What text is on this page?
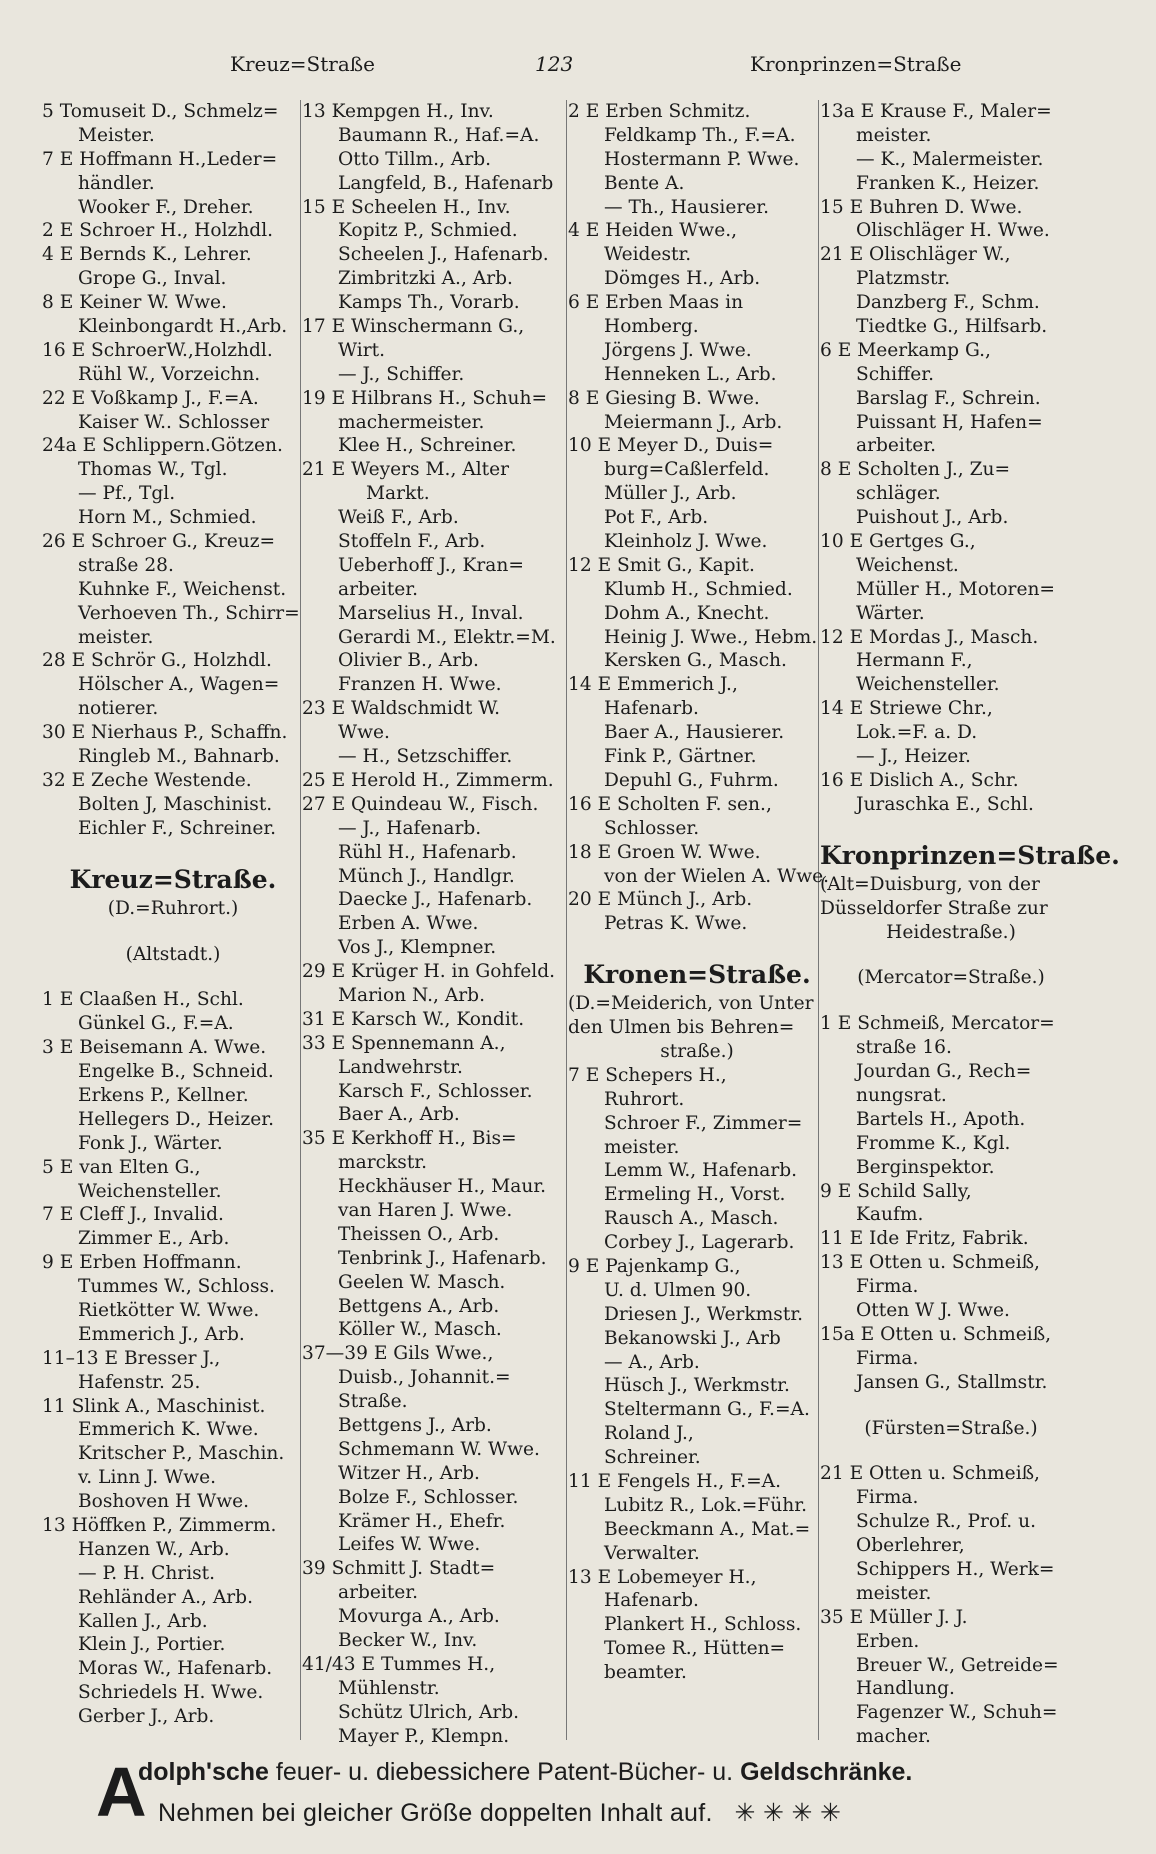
Kreuz=Straße	123	Kronprinzen=Straße
5 Tomuseit D., Schmelz=
Meister.
7 E Hoffmann H.,Leder=
händler.
Wooker F., Dreher.
2 E Schroer H., Holzhdl.
4 E Bernds K., Lehrer.
Grope G., Inval.
8 E Keiner W. Wwe.
Kleinbongardt H.,Arb.
16 E SchroerW.,Holzhdl.
Rühl W., Vorzeichn.
22 E Voßkamp J., F.=A.
Kaiser W.. Schlosser
24a E Schlippern.Götzen.
Thomas W., Tgl.
— Pf., Tgl.
Horn M., Schmied.
26 E Schroer G., Kreuz=
straße 28.
Kuhnke F., Weichenst.
Verhoeven Th., Schirr=
meister.
28 E Schrör G., Holzhdl.
Hölscher A., Wagen=
notierer.
30 E Nierhaus P., Schaffn.
Ringleb M., Bahnarb.
32 E Zeche Westende.
Bolten J, Maschinist.
Eichler F., Schreiner.
Kreuz=Straße.
(D.=Ruhrort.)
(Altstadt.)
1 E Claaßen H., Schl.
Günkel G., F.=A.
3 E Beisemann A. Wwe.
Engelke B., Schneid.
Erkens P., Kellner.
Hellegers D., Heizer.
Fonk J., Wärter.
5 E van Elten G.,
Weichensteller.
7 E Cleff J., Invalid.
Zimmer E., Arb.
9 E Erben Hoffmann.
Tummes W., Schloss.
Rietkötter W. Wwe.
Emmerich J., Arb.
11–13 E Bresser J.,
Hafenstr. 25.
11 Slink A., Maschinist.
Emmerich K. Wwe.
Kritscher P., Maschin.
v. Linn J. Wwe.
Boshoven H Wwe.
13 Höffken P., Zimmerm.
Hanzen W., Arb.
— P. H. Christ.
Rehländer A., Arb.
Kallen J., Arb.
Klein J., Portier.
Moras W., Hafenarb.
Schriedels H. Wwe.
Gerber J., Arb.
13 Kempgen H., Inv.
Baumann R., Haf.=A.
Otto Tillm., Arb.
Langfeld, B., Hafenarb
15 E Scheelen H., Inv.
Kopitz P., Schmied.
Scheelen J., Hafenarb.
Zimbritzki A., Arb.
Kamps Th., Vorarb.
17 E Winschermann G.,
Wirt.
— J., Schiffer.
19 E Hilbrans H., Schuh=
machermeister.
Klee H., Schreiner.
21 E Weyers M., Alter
Markt.
Weiß F., Arb.
Stoffeln F., Arb.
Ueberhoff J., Kran=
arbeiter.
Marselius H., Inval.
Gerardi M., Elektr.=M.
Olivier B., Arb.
Franzen H. Wwe.
23 E Waldschmidt W.
Wwe.
— H., Setzschiffer.
25 E Herold H., Zimmerm.
27 E Quindeau W., Fisch.
— J., Hafenarb.
Rühl H., Hafenarb.
Münch J., Handlgr.
Daecke J., Hafenarb.
Erben A. Wwe.
Vos J., Klempner.
29 E Krüger H. in Gohfeld.
Marion N., Arb.
31 E Karsch W., Kondit.
33 E Spennemann A.,
Landwehrstr.
Karsch F., Schlosser.
Baer A., Arb.
35 E Kerkhoff H., Bis=
marckstr.
Heckhäuser H., Maur.
van Haren J. Wwe.
Theissen O., Arb.
Tenbrink J., Hafenarb.
Geelen W. Masch.
Bettgens A., Arb.
Köller W., Masch.
37—39 E Gils Wwe.,
Duisb., Johannit.=
Straße.
Bettgens J., Arb.
Schmemann W. Wwe.
Witzer H., Arb.
Bolze F., Schlosser.
Krämer H., Ehefr.
Leifes W. Wwe.
39 Schmitt J. Stadt=
arbeiter.
Movurga A., Arb.
Becker W., Inv.
41/43 E Tummes H.,
Mühlenstr.
Schütz Ulrich, Arb.
Mayer P., Klempn.
2 E Erben Schmitz.
Feldkamp Th., F.=A.
Hostermann P. Wwe.
Bente A.
— Th., Hausierer.
4 E Heiden Wwe.,
Weidestr.
Dömges H., Arb.
6 E Erben Maas in
Homberg.
Jörgens J. Wwe.
Henneken L., Arb.
8 E Giesing B. Wwe.
Meiermann J., Arb.
10 E Meyer D., Duis=
burg=Caßlerfeld.
Müller J., Arb.
Pot F., Arb.
Kleinholz J. Wwe.
12 E Smit G., Kapit.
Klumb H., Schmied.
Dohm A., Knecht.
Heinig J. Wwe., Hebm.
Kersken G., Masch.
14 E Emmerich J.,
Hafenarb.
Baer A., Hausierer.
Fink P., Gärtner.
Depuhl G., Fuhrm.
16 E Scholten F. sen.,
Schlosser.
18 E Groen W. Wwe.
von der Wielen A. Wwe.
20 E Münch J., Arb.
Petras K. Wwe.
Kronen=Straße.
(D.=Meiderich, von Unter
den Ulmen bis Behren=
straße.)
7 E Schepers H.,
Ruhrort.
Schroer F., Zimmer=
meister.
Lemm W., Hafenarb.
Ermeling H., Vorst.
Rausch A., Masch.
Corbey J., Lagerarb.
9 E Pajenkamp G.,
U. d. Ulmen 90.
Driesen J., Werkmstr.
Bekanowski J., Arb
— A., Arb.
Hüsch J., Werkmstr.
Steltermann G., F.=A.
Roland J.,
Schreiner.
11 E Fengels H., F.=A.
Lubitz R., Lok.=Führ.
Beeckmann A., Mat.=
Verwalter.
13 E Lobemeyer H.,
Hafenarb.
Plankert H., Schloss.
Tomee R., Hütten=
beamter.
13a E Krause F., Maler=
meister.
— K., Malermeister.
Franken K., Heizer.
15 E Buhren D. Wwe.
Olischläger H. Wwe.
21 E Olischläger W.,
Platzmstr.
Danzberg F., Schm.
Tiedtke G., Hilfsarb.
6 E Meerkamp G.,
Schiffer.
Barslag F., Schrein.
Puissant H, Hafen=
arbeiter.
8 E Scholten J., Zu=
schläger.
Puishout J., Arb.
10 E Gertges G.,
Weichenst.
Müller H., Motoren=
Wärter.
12 E Mordas J., Masch.
Hermann F.,
Weichensteller.
14 E Striewe Chr.,
Lok.=F. a. D.
— J., Heizer.
16 E Dislich A., Schr.
Juraschka E., Schl.
Kronprinzen=Straße.
(Alt=Duisburg, von der
Düsseldorfer Straße zur
Heidestraße.)
(Mercator=Straße.)
1 E Schmeiß, Mercator=
straße 16.
Jourdan G., Rech=
nungsrat.
Bartels H., Apoth.
Fromme K., Kgl.
Berginspektor.
9 E Schild Sally,
Kaufm.
11 E Ide Fritz, Fabrik.
13 E Otten u. Schmeiß,
Firma.
Otten W J. Wwe.
15a E Otten u. Schmeiß,
Firma.
Jansen G., Stallmstr.
(Fürsten=Straße.)
21 E Otten u. Schmeiß,
Firma.
Schulze R., Prof. u.
Oberlehrer,
Schippers H., Werk=
meister.
35 E Müller J. J.
Erben.
Breuer W., Getreide=
Handlung.
Fagenzer W., Schuh=
macher.
A
dolph'sche feuer- u. diebessichere Patent-Bücher- u. Geldschränke.
Nehmen bei gleicher Größe doppelten Inhalt auf. ✳ ✳ ✳ ✳
